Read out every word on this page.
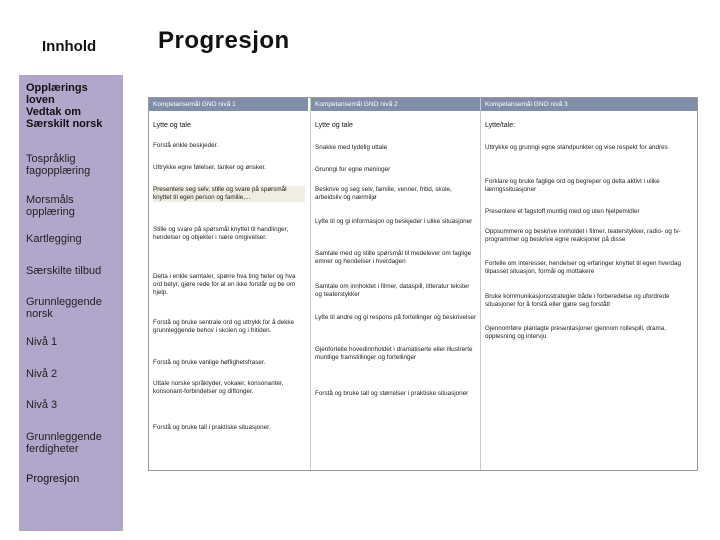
Innhold
Opplærings
loven
Vedtak om
Særskilt norsk
Tospråklig
fagopplæring
Morsmåls
opplæring
Kartlegging
Særskilte tilbud
Grunnleggende
norsk
Nivå 1
Nivå 2
Nivå 3
Grunnleggende
ferdigheter
Progresjon
Progresjon
Kompetansemål GNO nivå 1
Lytte og tale
Forstå enkle beskjeder.
Uttrykke egne følelser, tanker og ønsker.
Presentere seg selv, stille og svare på spørsmål knyttet til egen person og familie,...
Stille og svare på spørsmål knyttet til handlinger, hendelser og objekter i nære omgivelser.
Delta i enkle samtaler, spørre hva ting heter og hva ord betyr, gjøre rede for at en ikke forstår og be om hjelp.
Forstå og bruke sentrale ord og uttrykk for å dekke grunnleggende behov i skolen og i fritiden.
Forstå og bruke vanlige høflighetsfraser.
Uttale norske språklyder, vokaler, konsonanter, konsonant-forbindelser og diftonger.
Forstå og bruke tall i praktiske situasjoner.
Kompetansemål GNO nivå 2
Lytte og tale
Snakke med tydelig uttale
Grunngi for egne meninger
Beskrive og seg selv, familie, venner, fritid, skole, arbeidsliv og nærmiljø
Lytte til og gi informasjon og beskjeder i ulike situasjoner
Samtale med og stille spørsmål til medelever om faglige emner og hendelser i hverdagen
Samtale om innholdet i filmer, dataspill, litteratur tekster og teaterstykker
Lytte til andre og gi respons på fortellinger og beskrivelser
Gjenfortelle hovedinnholdet i dramatiserte eller illustrerte muntlige framstillinger og fortellinger
Forstå og bruke tall og størrelser i praktiske situasjoner
Kompetansemål GNO nivå 3
Lytte/tale:
Uttrykke og grunngi egne standpunkter og vise respekt for andres
Forklare og bruke faglige ord og begreper og delta aktivt i ulike læringssituasjoner
Presentere et fagstoff muntlig med og uten hjelpemidler
Oppsummere og beskrive innholdet i filmer, teaterstykker, radio- og tv-programmer og beskrive egne reaksjoner på disse
Fortelle om interesser, hendelser og erfaringer knyttet til egen hverdag tilpasset situasjon, formål og mottakere
Bruke kommunikasjonsstrategier både i forberedelse og ufordrede situasjoner for å forstå eller gjøre seg forstått
Gjennomføre planlagte presentasjoner gjennom rollespill, drama, opplesning og intervju
